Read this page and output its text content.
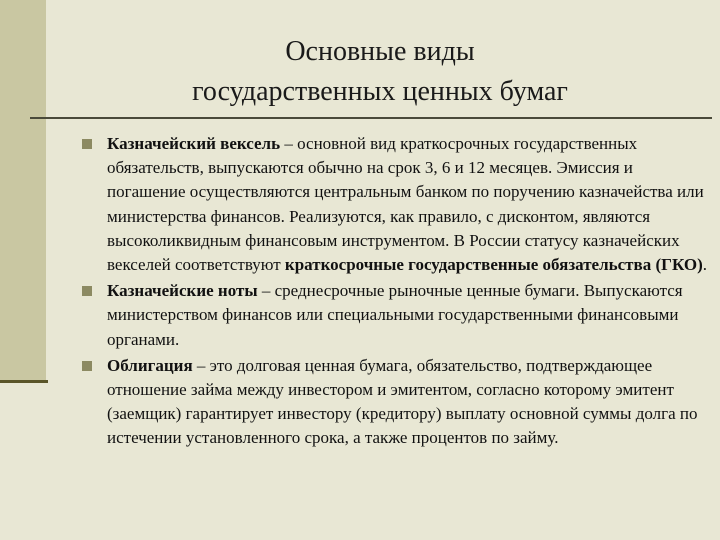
Основные виды
государственных ценных бумаг
Казначейский вексель – основной вид краткосрочных государственных обязательств, выпускаются обычно на срок 3, 6 и 12 месяцев. Эмиссия и погашение осуществляются центральным банком по поручению казначейства или министерства финансов. Реализуются, как правило, с дисконтом, являются высоколиквидным финансовым инструментом. В России статусу казначейских векселей соответствуют краткосрочные государственные обязательства (ГКО).
Казначейские ноты – среднесрочные рыночные ценные бумаги. Выпускаются министерством финансов или специальными государственными финансовыми органами.
Облигация – это долговая ценная бумага, обязательство, подтверждающее отношение займа между инвестором и эмитентом, согласно которому эмитент (заемщик) гарантирует инвестору (кредитору) выплату основной суммы долга по истечении установленного срока, а также процентов по займу.
